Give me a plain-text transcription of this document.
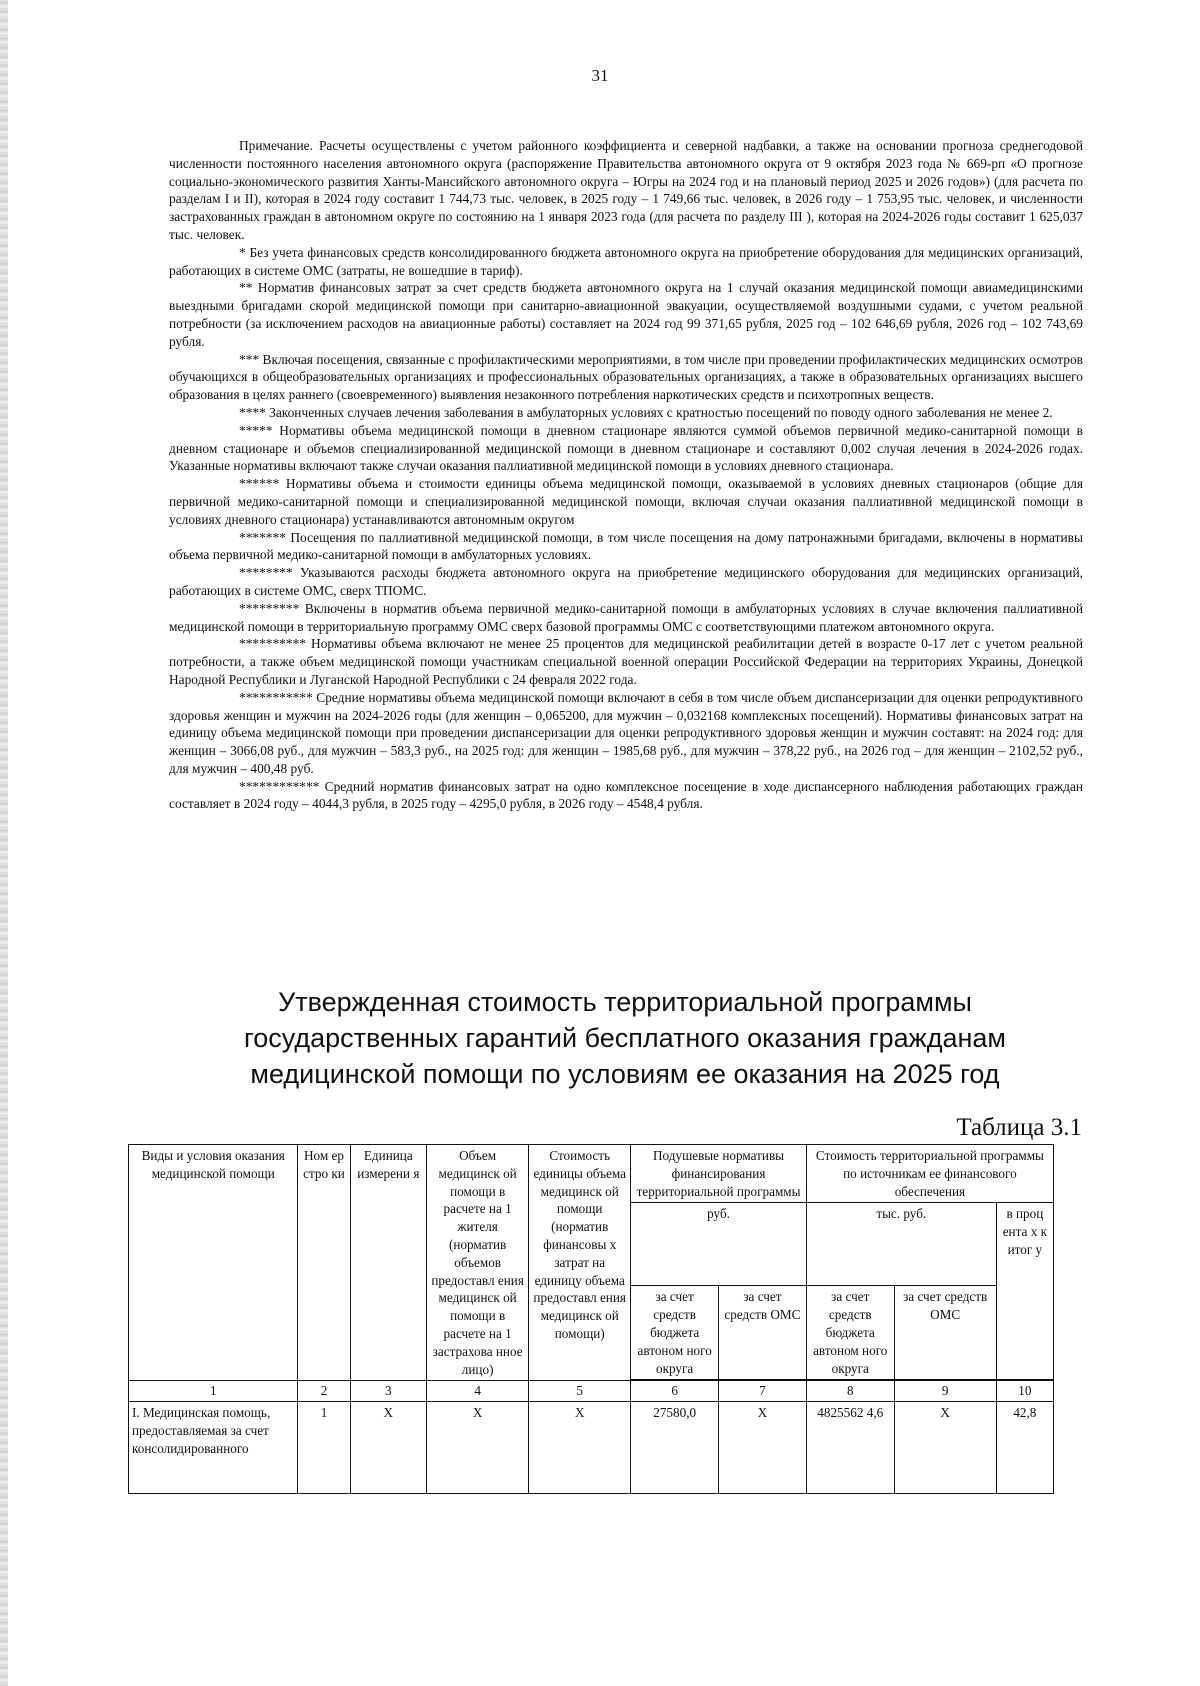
31

Примечание. Расчеты осуществлены с учетом районного коэффициента и северной надбавки, а также на основании прогноза среднегодовой численности постоянного населения автономного округа (распоряжение Правительства автономного округа от 9 октября 2023 года № 669-рп «О прогнозе социально-экономического развития Ханты-Мансийского автономного округа – Югры на 2024 год и на плановый период 2025 и 2026 годов») (для расчета по разделам I и II), которая в 2024 году составит 1 744,73 тыс. человек, в 2025 году – 1 749,66 тыс. человек, в 2026 году – 1 753,95 тыс. человек, и численности застрахованных граждан в автономном округе по состоянию на 1 января 2023 года (для расчета по разделу III ), которая на 2024-2026 годы составит 1 625,037 тыс. человек.

* Без учета финансовых средств консолидированного бюджета автономного округа на приобретение оборудования для медицинских организаций, работающих в системе ОМС (затраты, не вошедшие в тариф).

** Норматив финансовых затрат за счет средств бюджета автономного округа на 1 случай оказания медицинской помощи авиамедицинскими выездными бригадами скорой медицинской помощи при санитарно-авиационной эвакуации, осуществляемой воздушными судами, с учетом реальной потребности (за исключением расходов на авиационные работы) составляет на 2024 год 99 371,65 рубля, 2025 год – 102 646,69 рубля, 2026 год – 102 743,69 рубля.

*** Включая посещения, связанные с профилактическими мероприятиями, в том числе при проведении профилактических медицинских осмотров обучающихся в общеобразовательных организациях и профессиональных образовательных организациях, а также в образовательных организациях высшего образования в целях раннего (своевременного) выявления незаконного потребления наркотических средств и психотропных веществ.

**** Законченных случаев лечения заболевания в амбулаторных условиях с кратностью посещений по поводу одного заболевания не менее 2.

***** Нормативы объема медицинской помощи в дневном стационаре являются суммой объемов первичной медико-санитарной помощи в дневном стационаре и объемов специализированной медицинской помощи в дневном стационаре и составляют 0,002 случая лечения в 2024-2026 годах. Указанные нормативы включают также случаи оказания паллиативной медицинской помощи в условиях дневного стационара.

****** Нормативы объема и стоимости единицы объема медицинской помощи, оказываемой в условиях дневных стационаров (общие для первичной медико-санитарной помощи и специализированной медицинской помощи, включая случаи оказания паллиативной медицинской помощи в условиях дневного стационара) устанавливаются автономным округом

******* Посещения по паллиативной медицинской помощи, в том числе посещения на дому патронажными бригадами, включены в нормативы объема первичной медико-санитарной помощи в амбулаторных условиях.

******** Указываются расходы бюджета автономного округа на приобретение медицинского оборудования для медицинских организаций, работающих в системе ОМС, сверх ТПОМС.

********* Включены в норматив объема первичной медико-санитарной помощи в амбулаторных условиях в случае включения паллиативной медицинской помощи в территориальную программу ОМС сверх базовой программы ОМС с соответствующими платежом автономного округа.

********** Нормативы объема включают не менее 25 процентов для медицинской реабилитации детей в возрасте 0-17 лет с учетом реальной потребности, а также объем медицинской помощи участникам специальной военной операции Российской Федерации на территориях Украины, Донецкой Народной Республики и Луганской Народной Республики с 24 февраля 2022 года.

*********** Средние нормативы объема медицинской помощи включают в себя в том числе объем диспансеризации для оценки репродуктивного здоровья женщин и мужчин на 2024-2026 годы (для женщин – 0,065200, для мужчин – 0,032168 комплексных посещений). Нормативы финансовых затрат на единицу объема медицинской помощи при проведении диспансеризации для оценки репродуктивного здоровья женщин и мужчин составят: на 2024 год: для женщин – 3066,08 руб., для мужчин – 583,3 руб., на 2025 год: для женщин – 1985,68 руб., для мужчин – 378,22 руб., на 2026 год – для женщин – 2102,52 руб., для мужчин – 400,48 руб.

************ Средний норматив финансовых затрат на одно комплексное посещение в ходе диспансерного наблюдения работающих граждан составляет в 2024 году – 4044,3 рубля, в 2025 году – 4295,0 рубля, в 2026 году – 4548,4 рубля.

Утвержденная стоимость территориальной программы
государственных гарантий бесплатного оказания гражданам
медицинской помощи по условиям ее оказания на 2025 год
Таблица 3.1
Виды и условия оказания медицинской помощи	Ном ер стро ки	Единица измерени я	Объем медицинск ой помощи в расчете на 1 жителя (норматив объемов предоставл ения медицинск ой помощи в расчете на 1 застрахова нное лицо)	Стоимость единицы объема медицинск ой помощи (норматив финансовы х затрат на единицу объема предоставл ения медицинск ой помощи)	Подушевые нормативы финансирования территориальной программы		Стоимость территориальной программы по источникам ее финансового обеспечения		
					руб.		тыс. руб.		в проц ента х к итог у
					за счет средств бюджета автоном ного округа	за счет средств ОМС	за счет средств бюджета автоном ного округа	за счет средств ОМС	

1	2	3	4	5	6	7	8	9	10
I. Медицинская помощь, предоставляемая за счет консолидированного	1	Х	Х	Х	27580,0	Х	4825562 4,6	Х	42,8
